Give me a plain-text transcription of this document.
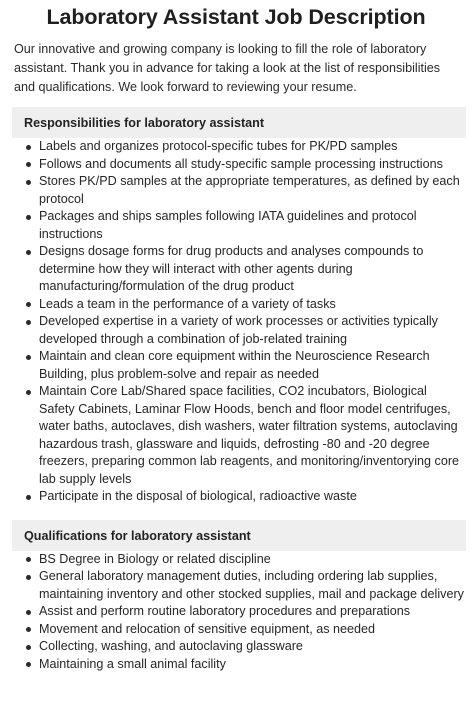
Laboratory Assistant Job Description

Our innovative and growing company is looking to fill the role of laboratory assistant. Thank you in advance for taking a look at the list of responsibilities and qualifications. We look forward to reviewing your resume.

Responsibilities for laboratory assistant
Labels and organizes protocol-specific tubes for PK/PD samples
Follows and documents all study-specific sample processing instructions
Stores PK/PD samples at the appropriate temperatures, as defined by each protocol
Packages and ships samples following IATA guidelines and protocol instructions
Designs dosage forms for drug products and analyses compounds to determine how they will interact with other agents during manufacturing/formulation of the drug product
Leads a team in the performance of a variety of tasks
Developed expertise in a variety of work processes or activities typically developed through a combination of job-related training
Maintain and clean core equipment within the Neuroscience Research Building, plus problem-solve and repair as needed
Maintain Core Lab/Shared space facilities, CO2 incubators, Biological Safety Cabinets, Laminar Flow Hoods, bench and floor model centrifuges, water baths, autoclaves, dish washers, water filtration systems, autoclaving hazardous trash, glassware and liquids, defrosting -80 and -20 degree freezers, preparing common lab reagents, and monitoring/inventorying core lab supply levels
Participate in the disposal of biological, radioactive waste
Qualifications for laboratory assistant
BS Degree in Biology or related discipline
General laboratory management duties, including ordering lab supplies, maintaining inventory and other stocked supplies, mail and package delivery
Assist and perform routine laboratory procedures and preparations
Movement and relocation of sensitive equipment, as needed
Collecting, washing, and autoclaving glassware
Maintaining a small animal facility
